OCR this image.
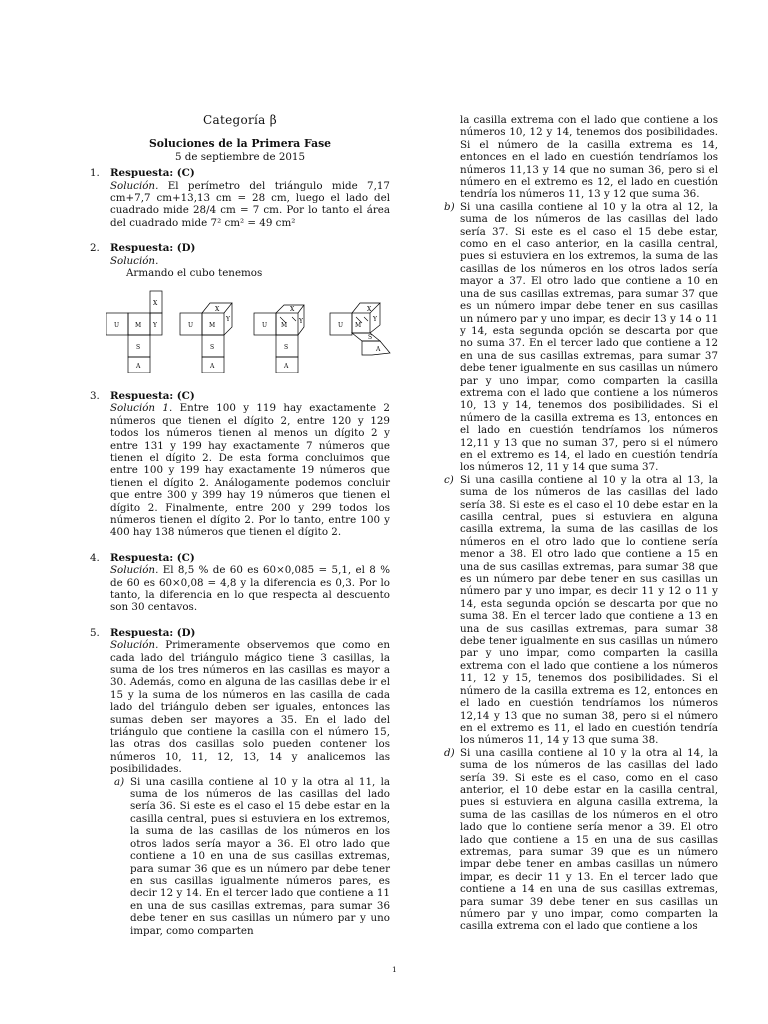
Categoría β
Soluciones de la Primera Fase
5 de septiembre de 2015
1. Respuesta: (C)
Solución. El perímetro del triángulo mide 7,17 cm+7,7 cm+13,13 cm = 28 cm, luego el lado del cuadrado mide 28/4 cm = 7 cm. Por lo tanto el área del cuadrado mide 7² cm² = 49 cm²
2. Respuesta: (D)
Solución.
Armando el cubo tenemos
U	M
S
A
X
Y	U	M
S
A
X
Y
U M
S
A
X
Y
U M
S
A
X
Y
3. Respuesta: (C)
Solución 1. Entre 100 y 119 hay exactamente 2 números que tienen el dígito 2, entre 120 y 129 todos los números tienen al menos un dígito 2 y entre 131 y 199 hay exactamente 7 números que tienen el dígito 2. De esta forma concluimos que entre 100 y 199 hay exactamente 19 números que tienen el dígito 2. Análogamente podemos concluir que entre 300 y 399 hay 19 números que tienen el dígito 2. Finalmente, entre 200 y 299 todos los números tienen el dígito 2. Por lo tanto, entre 100 y 400 hay 138 números que tienen el dígito 2.
4. Respuesta: (C)
Solución. El 8,5 % de 60 es 60×0,085 = 5,1, el 8 % de 60 es 60×0,08 = 4,8 y la diferencia es 0,3. Por lo tanto, la diferencia en lo que respecta al descuento son 30 centavos.
5. Respuesta: (D)
Solución. Primeramente observemos que como en cada lado del triángulo mágico tiene 3 casillas, la suma de los tres números en las casillas es mayor a 30. Además, como en alguna de las casillas debe ir el 15 y la suma de los números en las casilla de cada lado del triángulo deben ser iguales, entonces las sumas deben ser mayores a 35. En el lado del triángulo que contiene la casilla con el número 15, las otras dos casillas solo pueden contener los números 10, 11, 12, 13, 14 y analicemos las posibilidades.
a) Si una casilla contiene al 10 y la otra al 11, la suma de los números de las casillas del lado sería 36. Si este es el caso el 15 debe estar en la casilla central, pues si estuviera en los extremos, la suma de las casillas de los números en los otros lados sería mayor a 36. El otro lado que contiene a 10 en una de sus casillas extremas, para sumar 36 que es un número par debe tener en sus casillas igualmente números pares, es decir 12 y 14. En el tercer lado que contiene a 11 en una de sus casillas extremas, para sumar 36 debe tener en sus casillas un número par y uno impar, como comparten
la casilla extrema con el lado que contiene a los números 10, 12 y 14, tenemos dos posibilidades. Si el número de la casilla extrema es 14, entonces en el lado en cuestión tendríamos los números 11,13 y 14 que no suman 36, pero si el número en el extremo es 12, el lado en cuestión tendría los números 11, 13 y 12 que suma 36.
b) Si una casilla contiene al 10 y la otra al 12, la suma de los números de las casillas del lado sería 37. Si este es el caso el 15 debe estar, como en el caso anterior, en la casilla central, pues si estuviera en los extremos, la suma de las casillas de los números en los otros lados sería mayor a 37. El otro lado que contiene a 10 en una de sus casillas extremas, para sumar 37 que es un número impar debe tener en sus casillas un número par y uno impar, es decir 13 y 14 o 11 y 14, esta segunda opción se descarta por que no suma 37. En el tercer lado que contiene a 12 en una de sus casillas extremas, para sumar 37 debe tener igualmente en sus casillas un número par y uno impar, como comparten la casilla extrema con el lado que contiene a los números 10, 13 y 14, tenemos dos posibilidades. Si el número de la casilla extrema es 13, entonces en el lado en cuestión tendríamos los números 12,11 y 13 que no suman 37, pero si el número en el extremo es 14, el lado en cuestión tendría los números 12, 11 y 14 que suma 37.
c) Si una casilla contiene al 10 y la otra al 13, la suma de los números de las casillas del lado sería 38. Si este es el caso el 10 debe estar en la casilla central, pues si estuviera en alguna casilla extrema, la suma de las casillas de los números en el otro lado que lo contiene sería menor a 38. El otro lado que contiene a 15 en una de sus casillas extremas, para sumar 38 que es un número par debe tener en sus casillas un número par y uno impar, es decir 11 y 12 o 11 y 14, esta segunda opción se descarta por que no suma 38. En el tercer lado que contiene a 13 en una de sus casillas extremas, para sumar 38 debe tener igualmente en sus casillas un número par y uno impar, como comparten la casilla extrema con el lado que contiene a los números 11, 12 y 15, tenemos dos posibilidades. Si el número de la casilla extrema es 12, entonces en el lado en cuestión tendríamos los números 12,14 y 13 que no suman 38, pero si el número en el extremo es 11, el lado en cuestión tendría los números 11, 14 y 13 que suma 38.
d) Si una casilla contiene al 10 y la otra al 14, la suma de los números de las casillas del lado sería 39. Si este es el caso, como en el caso anterior, el 10 debe estar en la casilla central, pues si estuviera en alguna casilla extrema, la suma de las casillas de los números en el otro lado que lo contiene sería menor a 39. El otro lado que contiene a 15 en una de sus casillas extremas, para sumar 39 que es un número impar debe tener en ambas casillas un número impar, es decir 11 y 13. En el tercer lado que contiene a 14 en una de sus casillas extremas, para sumar 39 debe tener en sus casillas un número par y uno impar, como comparten la casilla extrema con el lado que contiene a los
1
